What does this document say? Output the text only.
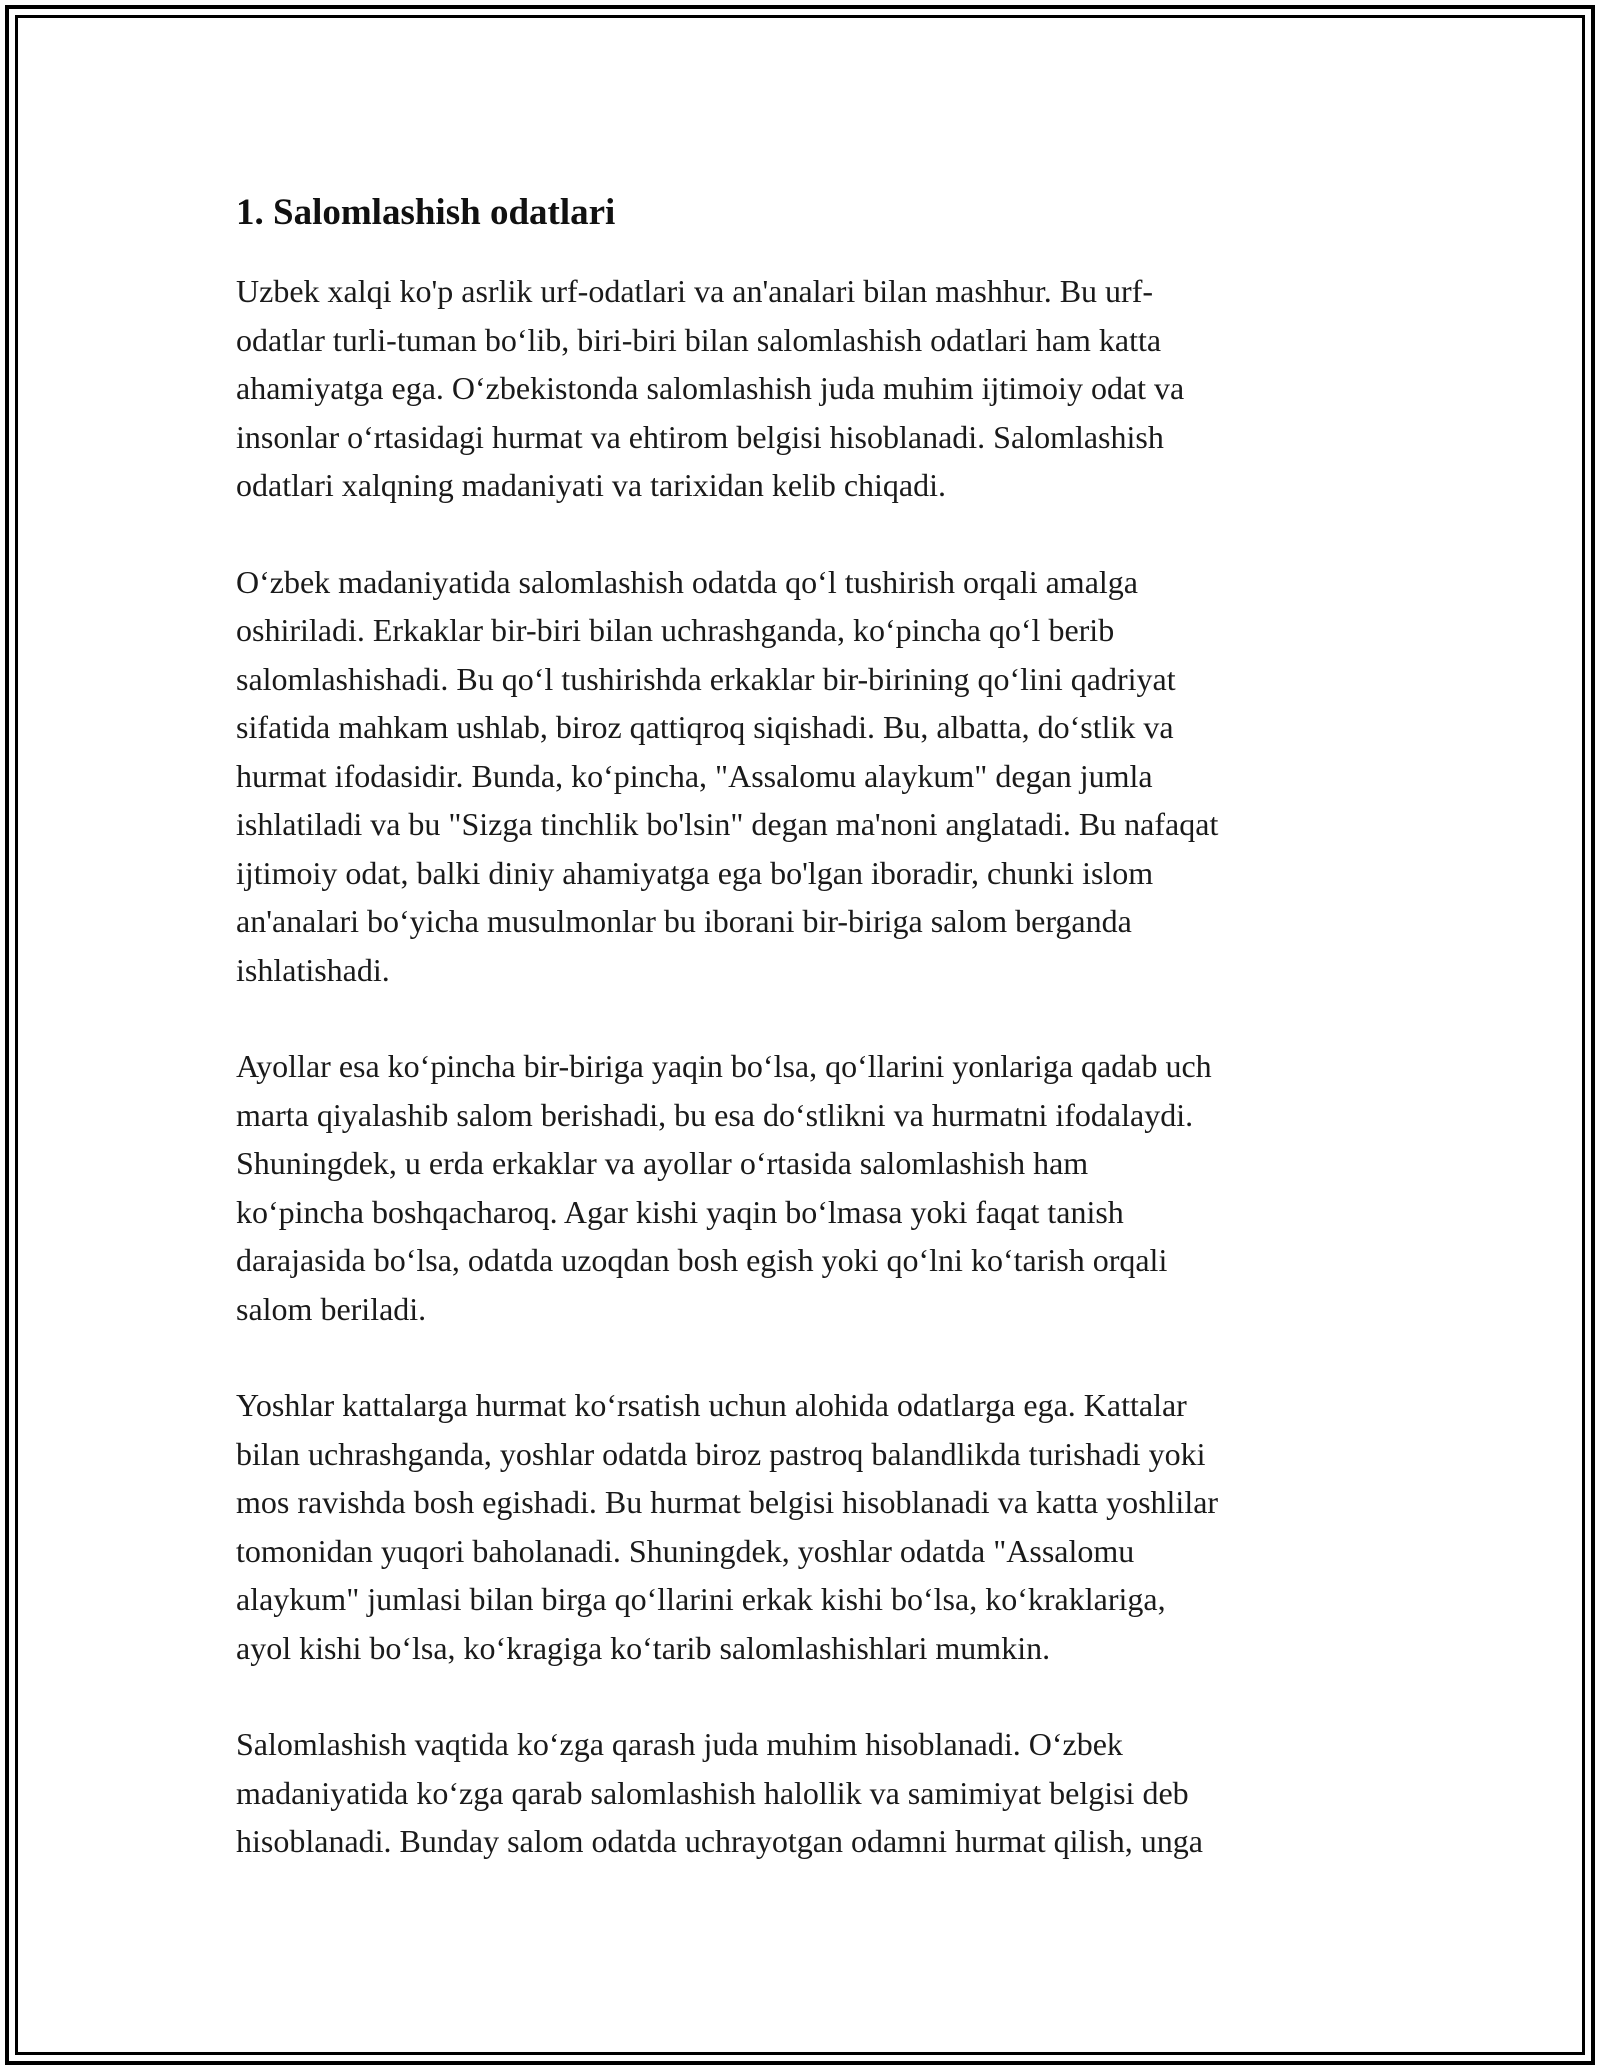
1. Salomlashish odatlari

Uzbek xalqi ko'p asrlik urf-odatlari va an'analari bilan mashhur. Bu urf-
odatlar turli-tuman bo‘lib, biri-biri bilan salomlashish odatlari ham katta
ahamiyatga ega. O‘zbekistonda salomlashish juda muhim ijtimoiy odat va
insonlar o‘rtasidagi hurmat va ehtirom belgisi hisoblanadi. Salomlashish
odatlari xalqning madaniyati va tarixidan kelib chiqadi.

O‘zbek madaniyatida salomlashish odatda qo‘l tushirish orqali amalga
oshiriladi. Erkaklar bir-biri bilan uchrashganda, ko‘pincha qo‘l berib
salomlashishadi. Bu qo‘l tushirishda erkaklar bir-birining qo‘lini qadriyat
sifatida mahkam ushlab, biroz qattiqroq siqishadi. Bu, albatta, do‘stlik va
hurmat ifodasidir. Bunda, ko‘pincha, "Assalomu alaykum" degan jumla
ishlatiladi va bu "Sizga tinchlik bo'lsin" degan ma'noni anglatadi. Bu nafaqat
ijtimoiy odat, balki diniy ahamiyatga ega bo'lgan iboradir, chunki islom
an'analari bo‘yicha musulmonlar bu iborani bir-biriga salom berganda
ishlatishadi.

Ayollar esa ko‘pincha bir-biriga yaqin bo‘lsa, qo‘llarini yonlariga qadab uch
marta qiyalashib salom berishadi, bu esa do‘stlikni va hurmatni ifodalaydi.
Shuningdek, u erda erkaklar va ayollar o‘rtasida salomlashish ham
ko‘pincha boshqacharoq. Agar kishi yaqin bo‘lmasa yoki faqat tanish
darajasida bo‘lsa, odatda uzoqdan bosh egish yoki qo‘lni ko‘tarish orqali
salom beriladi.

Yoshlar kattalarga hurmat ko‘rsatish uchun alohida odatlarga ega. Kattalar
bilan uchrashganda, yoshlar odatda biroz pastroq balandlikda turishadi yoki
mos ravishda bosh egishadi. Bu hurmat belgisi hisoblanadi va katta yoshlilar
tomonidan yuqori baholanadi. Shuningdek, yoshlar odatda "Assalomu
alaykum" jumlasi bilan birga qo‘llarini erkak kishi bo‘lsa, ko‘kraklariga,
ayol kishi bo‘lsa, ko‘kragiga ko‘tarib salomlashishlari mumkin.

Salomlashish vaqtida ko‘zga qarash juda muhim hisoblanadi. O‘zbek
madaniyatida ko‘zga qarab salomlashish halollik va samimiyat belgisi deb
hisoblanadi. Bunday salom odatda uchrayotgan odamni hurmat qilish, unga
